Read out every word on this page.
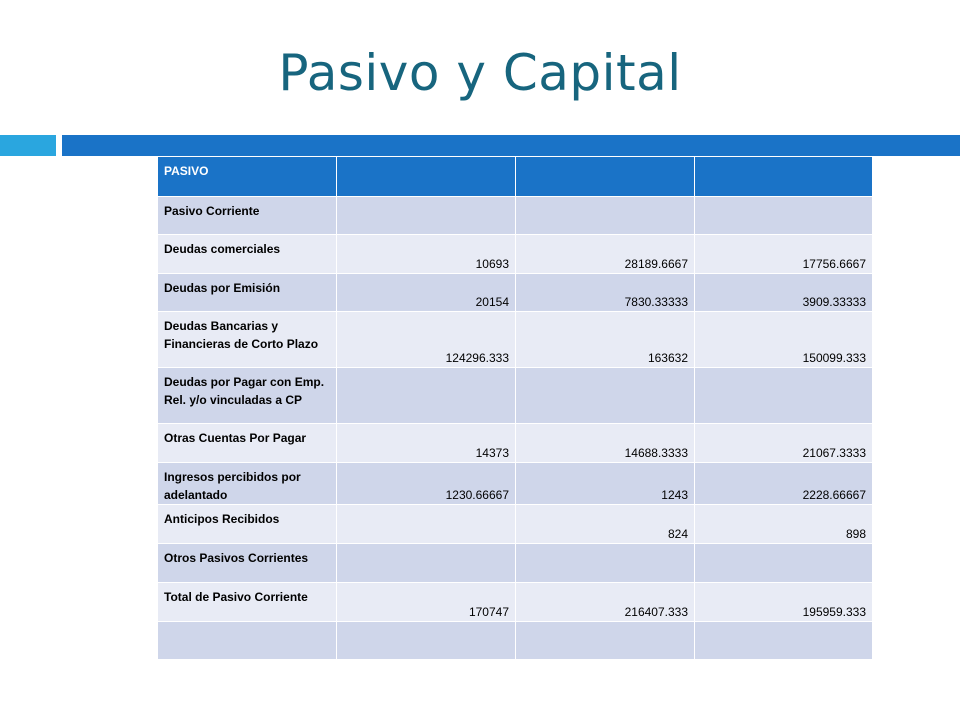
Pasivo y Capital
PASIVO			
Pasivo Corriente			
Deudas comerciales	10693	28189.6667	17756.6667
Deudas por Emisión	20154	7830.33333	3909.33333
Deudas Bancarias y Financieras de Corto Plazo	124296.333	163632	150099.333
Deudas por Pagar con Emp. Rel. y/o vinculadas a CP			
Otras Cuentas Por Pagar	14373	14688.3333	21067.3333
Ingresos percibidos por adelantado	1230.66667	1243	2228.66667
Anticipos Recibidos		824	898
Otros Pasivos Corrientes			
Total de Pasivo Corriente	170747	216407.333	195959.333
